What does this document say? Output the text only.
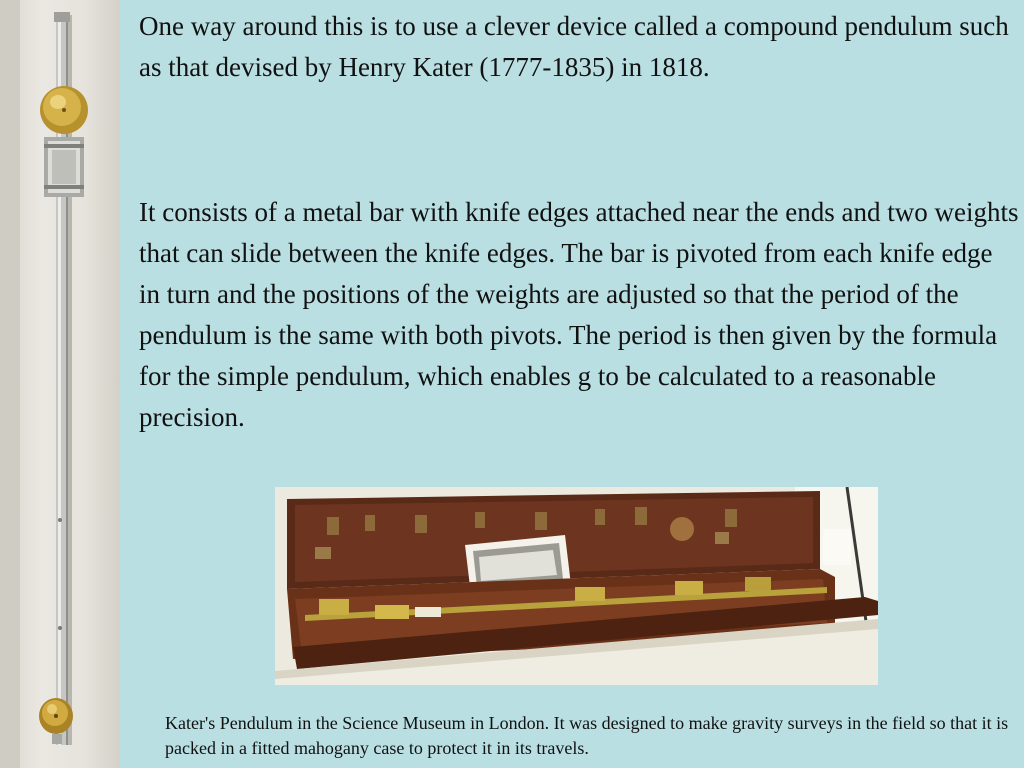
One way around this is to use a clever device called a compound pendulum such as that devised by Henry Kater (1777-1835) in 1818.

It consists of a metal bar with knife edges attached near the ends and two weights that can slide between the knife edges. The bar is pivoted from each knife edge in turn and the positions of the weights are adjusted so that the period of the pendulum is the same with both pivots. The period is then given by the formula for the simple pendulum, which enables g to be calculated to a reasonable precision.

Kater's Pendulum in the Science Museum in London. It was designed to make gravity surveys in the field so that it is packed in a fitted mahogany case to protect it in its travels.
